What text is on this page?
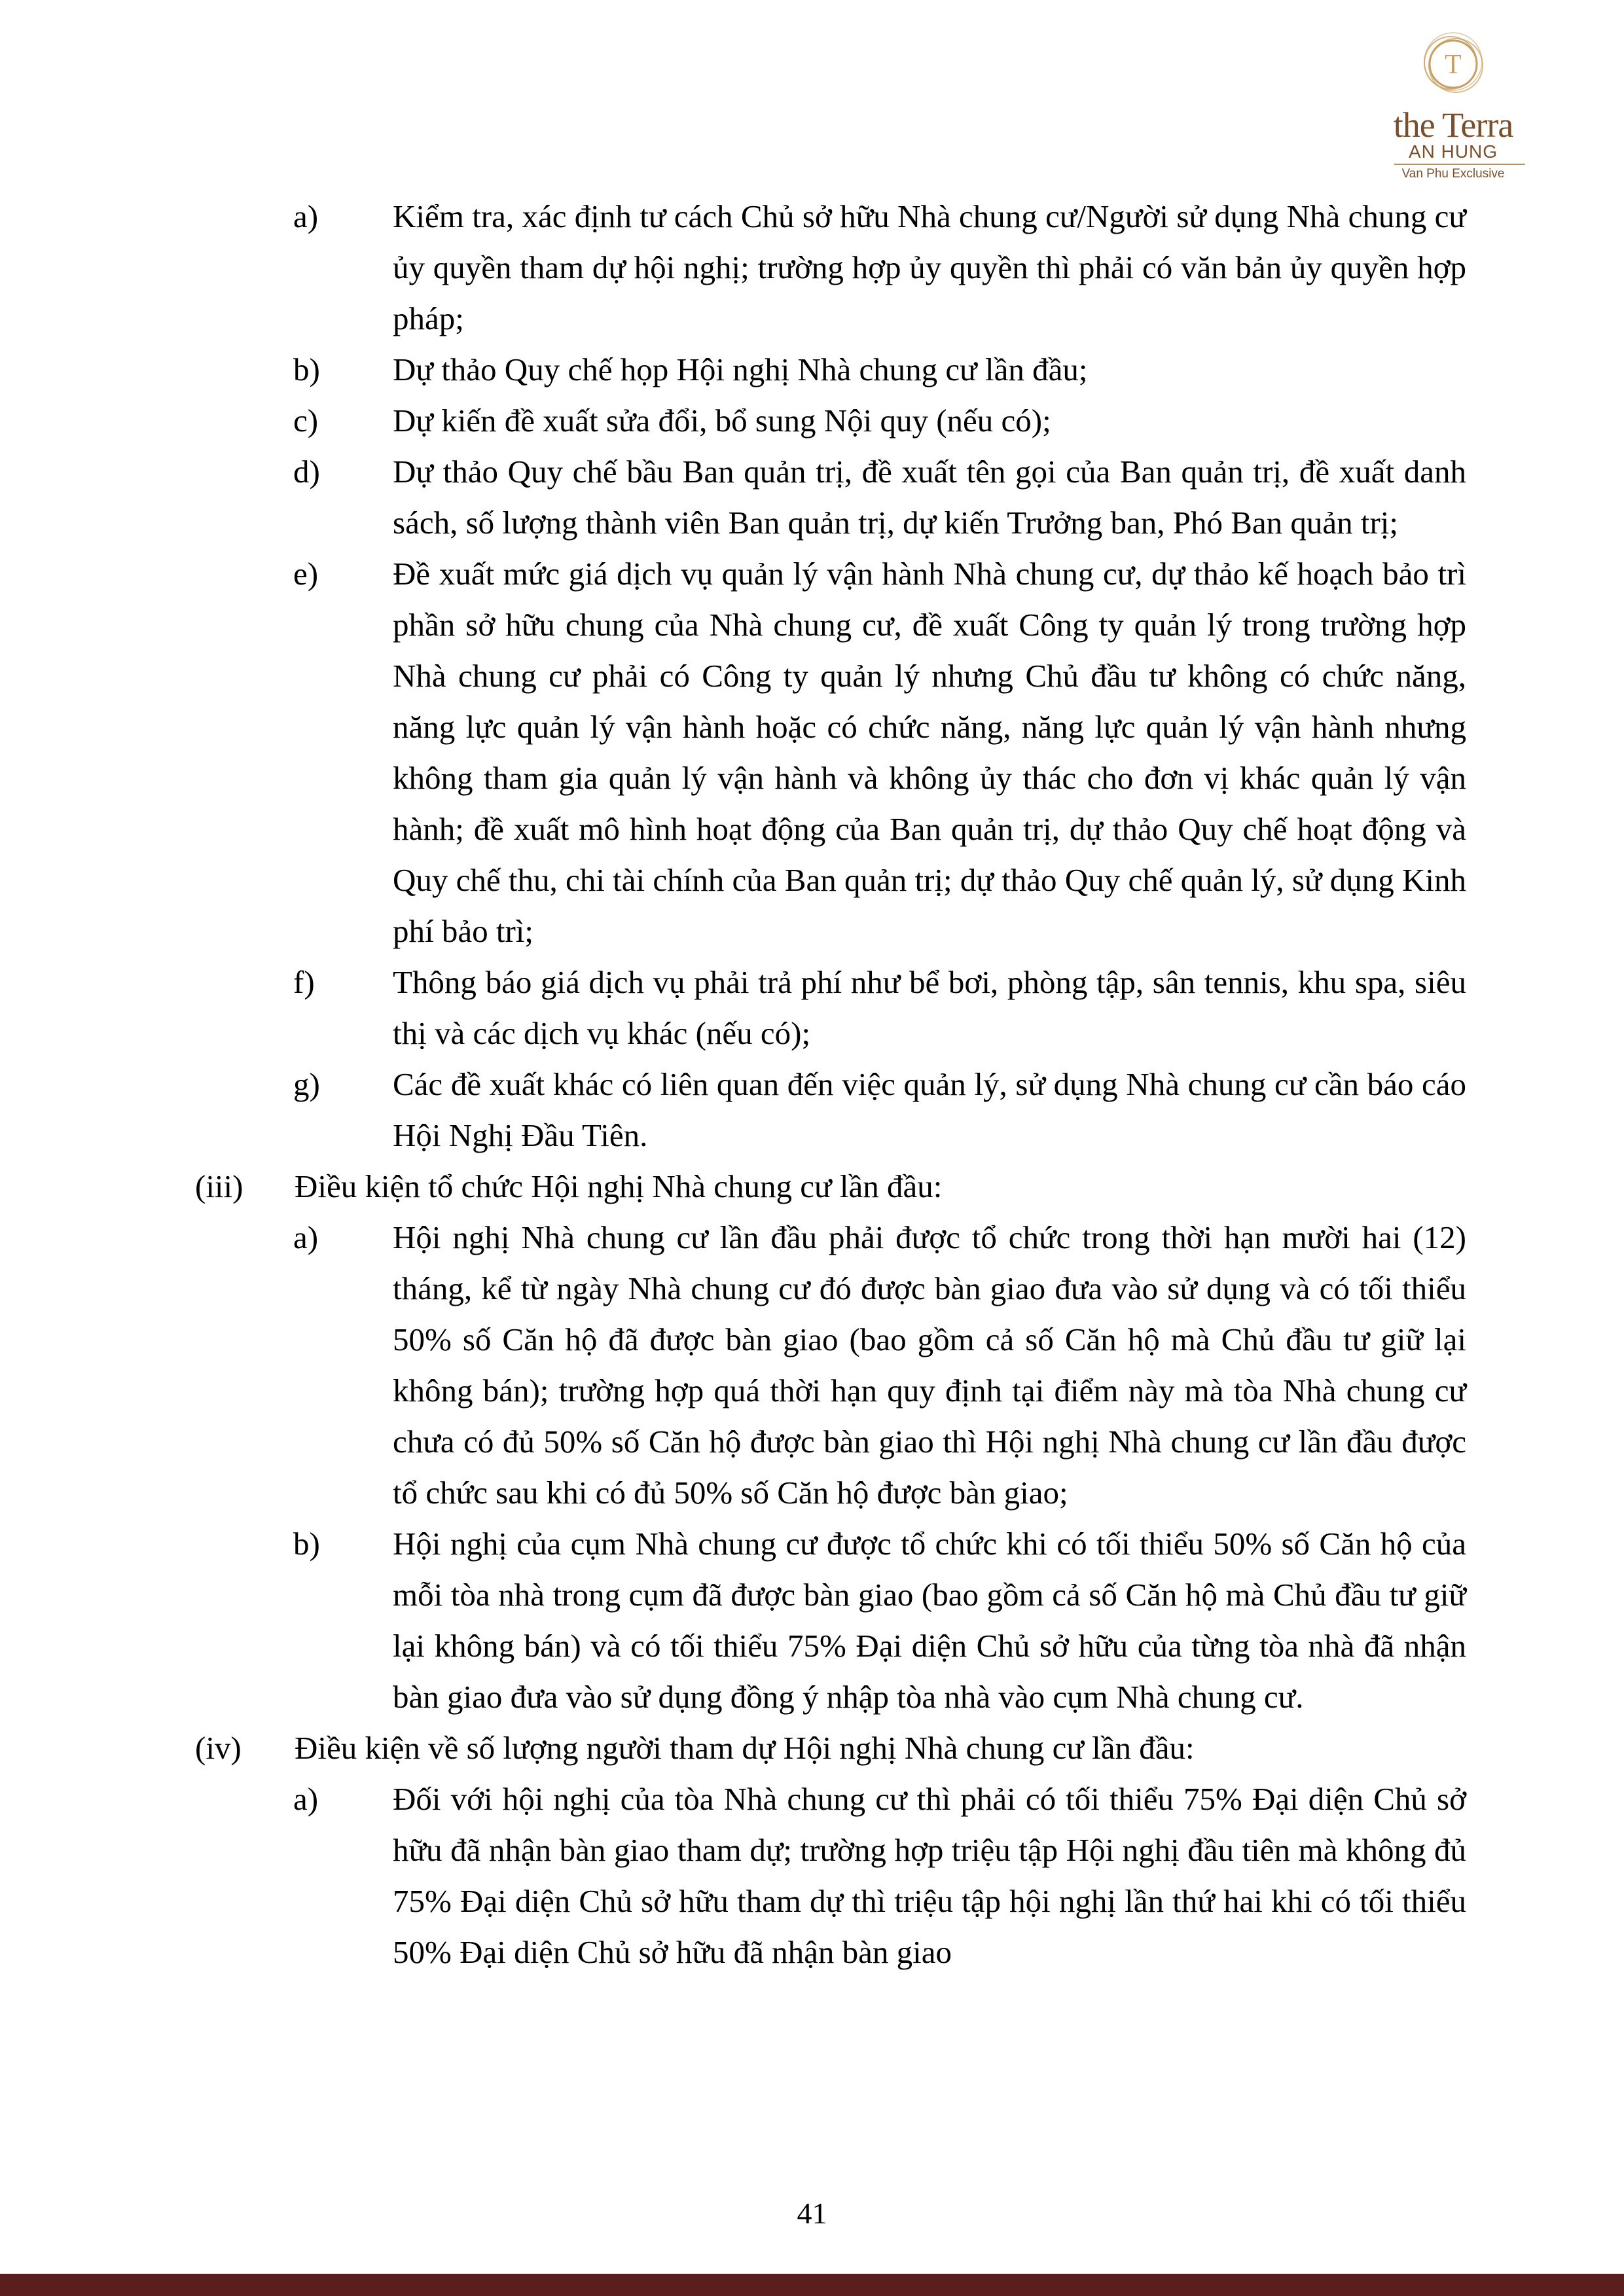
T
the Terra
AN HUNG
Van Phu Exclusive
a) Kiểm tra, xác định tư cách Chủ sở hữu Nhà chung cư/Người sử dụng Nhà chung cư ủy quyền tham dự hội nghị; trường hợp ủy quyền thì phải có văn bản ủy quyền hợp pháp;
b) Dự thảo Quy chế họp Hội nghị Nhà chung cư lần đầu;
c) Dự kiến đề xuất sửa đổi, bổ sung Nội quy (nếu có);
d) Dự thảo Quy chế bầu Ban quản trị, đề xuất tên gọi của Ban quản trị, đề xuất danh sách, số lượng thành viên Ban quản trị, dự kiến Trưởng ban, Phó Ban quản trị;
e) Đề xuất mức giá dịch vụ quản lý vận hành Nhà chung cư, dự thảo kế hoạch bảo trì phần sở hữu chung của Nhà chung cư, đề xuất Công ty quản lý trong trường hợp Nhà chung cư phải có Công ty quản lý nhưng Chủ đầu tư không có chức năng, năng lực quản lý vận hành hoặc có chức năng, năng lực quản lý vận hành nhưng không tham gia quản lý vận hành và không ủy thác cho đơn vị khác quản lý vận hành; đề xuất mô hình hoạt động của Ban quản trị, dự thảo Quy chế hoạt động và Quy chế thu, chi tài chính của Ban quản trị; dự thảo Quy chế quản lý, sử dụng Kinh phí bảo trì;
f) Thông báo giá dịch vụ phải trả phí như bể bơi, phòng tập, sân tennis, khu spa, siêu thị và các dịch vụ khác (nếu có);
g) Các đề xuất khác có liên quan đến việc quản lý, sử dụng Nhà chung cư cần báo cáo Hội Nghị Đầu Tiên.
(iii) Điều kiện tổ chức Hội nghị Nhà chung cư lần đầu:
a) Hội nghị Nhà chung cư lần đầu phải được tổ chức trong thời hạn mười hai (12) tháng, kể từ ngày Nhà chung cư đó được bàn giao đưa vào sử dụng và có tối thiểu 50% số Căn hộ đã được bàn giao (bao gồm cả số Căn hộ mà Chủ đầu tư giữ lại không bán); trường hợp quá thời hạn quy định tại điểm này mà tòa Nhà chung cư chưa có đủ 50% số Căn hộ được bàn giao thì Hội nghị Nhà chung cư lần đầu được tổ chức sau khi có đủ 50% số Căn hộ được bàn giao;
b) Hội nghị của cụm Nhà chung cư được tổ chức khi có tối thiểu 50% số Căn hộ của mỗi tòa nhà trong cụm đã được bàn giao (bao gồm cả số Căn hộ mà Chủ đầu tư giữ lại không bán) và có tối thiểu 75% Đại diện Chủ sở hữu của từng tòa nhà đã nhận bàn giao đưa vào sử dụng đồng ý nhập tòa nhà vào cụm Nhà chung cư.
(iv) Điều kiện về số lượng người tham dự Hội nghị Nhà chung cư lần đầu:
a) Đối với hội nghị của tòa Nhà chung cư thì phải có tối thiểu 75% Đại diện Chủ sở hữu đã nhận bàn giao tham dự; trường hợp triệu tập Hội nghị đầu tiên mà không đủ 75% Đại diện Chủ sở hữu tham dự thì triệu tập hội nghị lần thứ hai khi có tối thiểu 50% Đại diện Chủ sở hữu đã nhận bàn giao
41
